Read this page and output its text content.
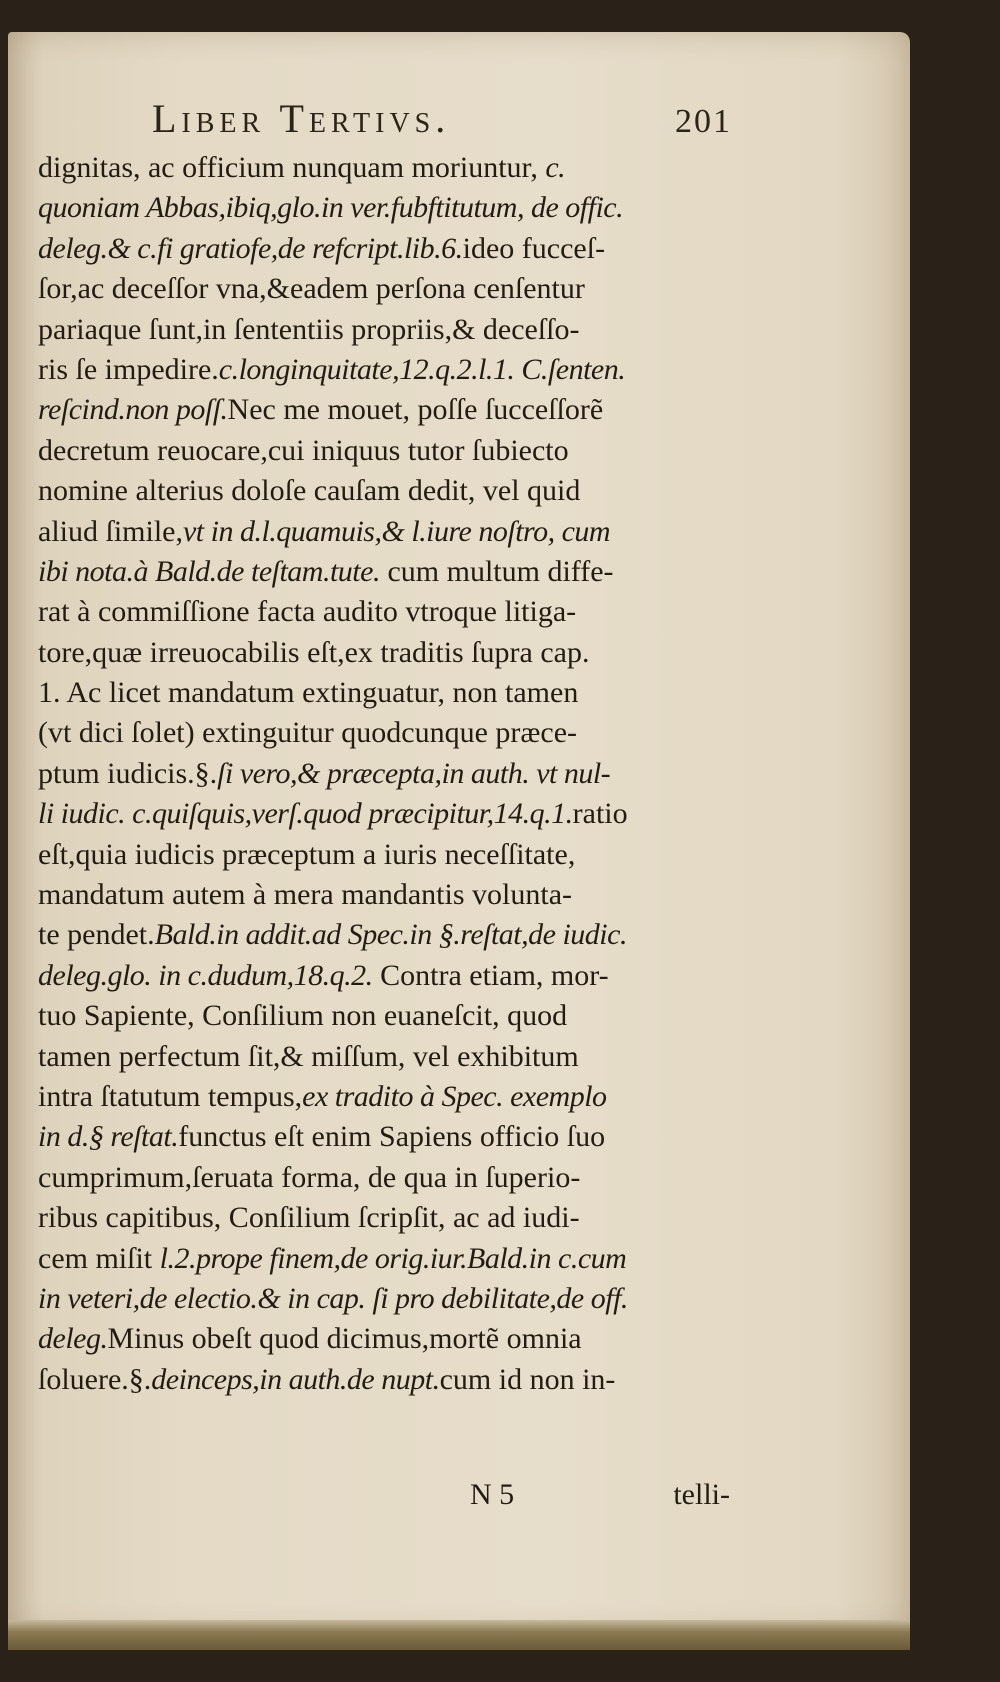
Liber Tertivs.	201
dignitas, ac officium nunquam moriuntur, c.
quoniam Abbas,ibiq,glo.in ver.fubftitutum, de offic.
deleg.& c.fi gratiofe,de refcript.lib.6.ideo fucceſ-
ſor,ac deceſſor vna,&eadem perſona cenſentur
pariaque ſunt,in ſententiis propriis,& deceſſo-
ris ſe impedire.c.longinquitate,12.q.2.l.1. C.ſenten.
reſcind.non poſſ.Nec me mouet, poſſe ſucceſſorẽ
decretum reuocare,cui iniquus tutor ſubiecto
nomine alterius doloſe cauſam dedit, vel quid
aliud ſimile,vt in d.l.quamuis,& l.iure noſtro, cum
ibi nota.à Bald.de teſtam.tute. cum multum diffe-
rat à commiſſione facta audito vtroque litiga-
tore,quæ irreuocabilis eſt,ex traditis ſupra cap.
1. Ac licet mandatum extinguatur, non tamen
(vt dici ſolet) extinguitur quodcunque præce-
ptum iudicis.§.ſi vero,& præcepta,in auth. vt nul-
li iudic. c.quiſquis,verſ.quod præcipitur,14.q.1.ratio
eſt,quia iudicis præceptum a iuris neceſſitate,
mandatum autem à mera mandantis volunta-
te pendet.Bald.in addit.ad Spec.in §.reſtat,de iudic.
deleg.glo. in c.dudum,18.q.2. Contra etiam, mor-
tuo Sapiente, Conſilium non euaneſcit, quod
tamen perfectum ſit,& miſſum, vel exhibitum
intra ſtatutum tempus,ex tradito à Spec. exemplo
in d.§ reſtat.functus eſt enim Sapiens officio ſuo
cumprimum,ſeruata forma, de qua in ſuperio-
ribus capitibus, Conſilium ſcripſit, ac ad iudi-
cem miſit l.2.prope finem,de orig.iur.Bald.in c.cum
in veteri,de electio.& in cap. ſi pro debilitate,de off.
deleg.Minus obeſt quod dicimus,mortẽ omnia
ſoluere.§.deinceps,in auth.de nupt.cum id non in-
N 5	telli-
